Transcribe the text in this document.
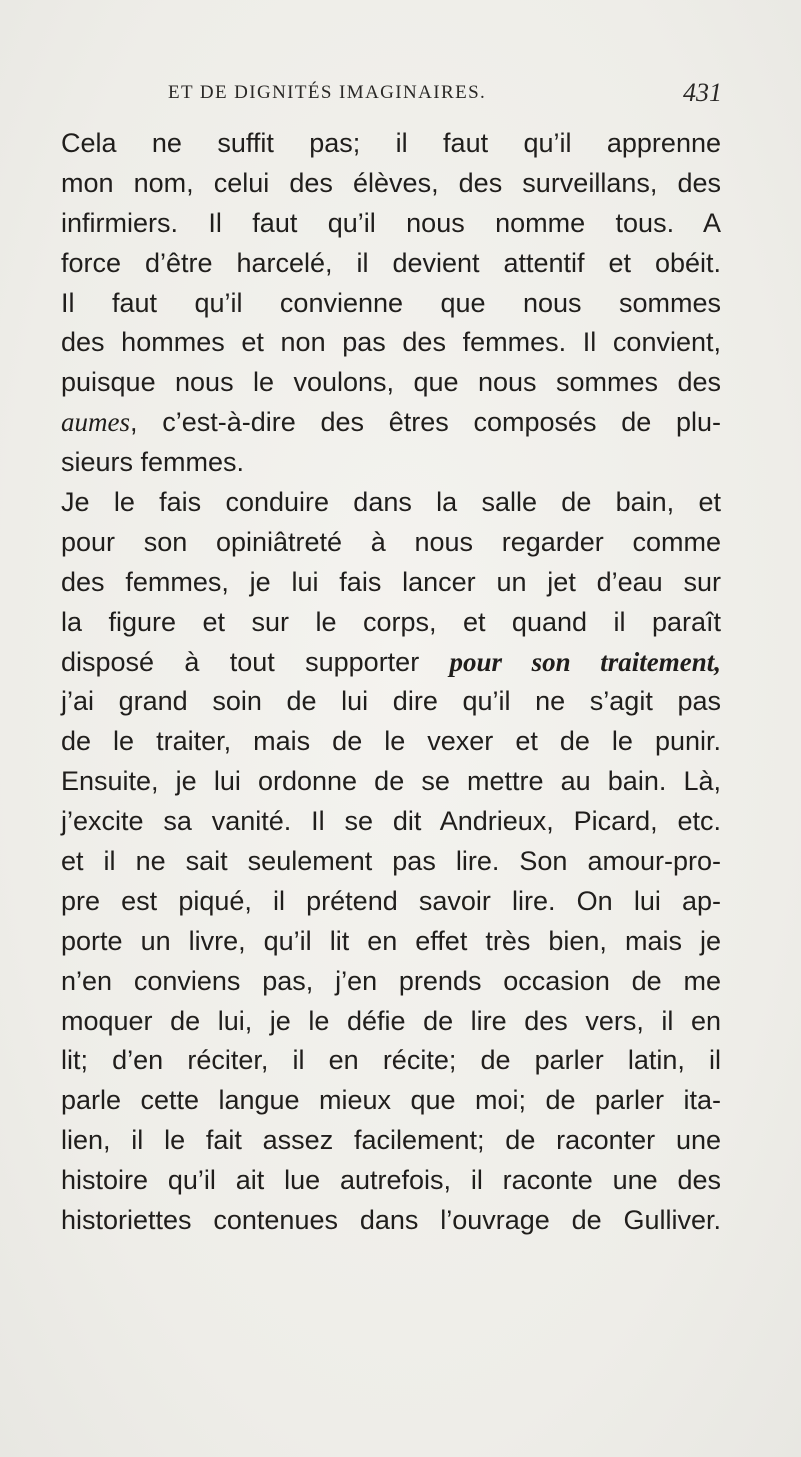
ET DE DIGNITÉS IMAGINAIRES.	431
Cela ne suffit pas; il faut qu’il apprenne
mon nom, celui des élèves, des surveillans, des
infirmiers. Il faut qu’il nous nomme tous. A
force d’être harcelé, il devient attentif et obéit.
Il faut qu’il convienne que nous sommes
des hommes et non pas des femmes. Il convient,
puisque nous le voulons, que nous sommes des
aumes, c’est-à-dire des êtres composés de plu-
sieurs femmes.
Je le fais conduire dans la salle de bain, et
pour son opiniâtreté à nous regarder comme
des femmes, je lui fais lancer un jet d’eau sur
la figure et sur le corps, et quand il paraît
disposé à tout supporter pour son traitement,
j’ai grand soin de lui dire qu’il ne s’agit pas
de le traiter, mais de le vexer et de le punir.
Ensuite, je lui ordonne de se mettre au bain. Là,
j’excite sa vanité. Il se dit Andrieux, Picard, etc.
et il ne sait seulement pas lire. Son amour-pro-
pre est piqué, il prétend savoir lire. On lui ap-
porte un livre, qu’il lit en effet très bien, mais je
n’en conviens pas, j’en prends occasion de me
moquer de lui, je le défie de lire des vers, il en
lit; d’en réciter, il en récite; de parler latin, il
parle cette langue mieux que moi; de parler ita-
lien, il le fait assez facilement; de raconter une
histoire qu’il ait lue autrefois, il raconte une des
historiettes contenues dans l’ouvrage de Gulliver.
